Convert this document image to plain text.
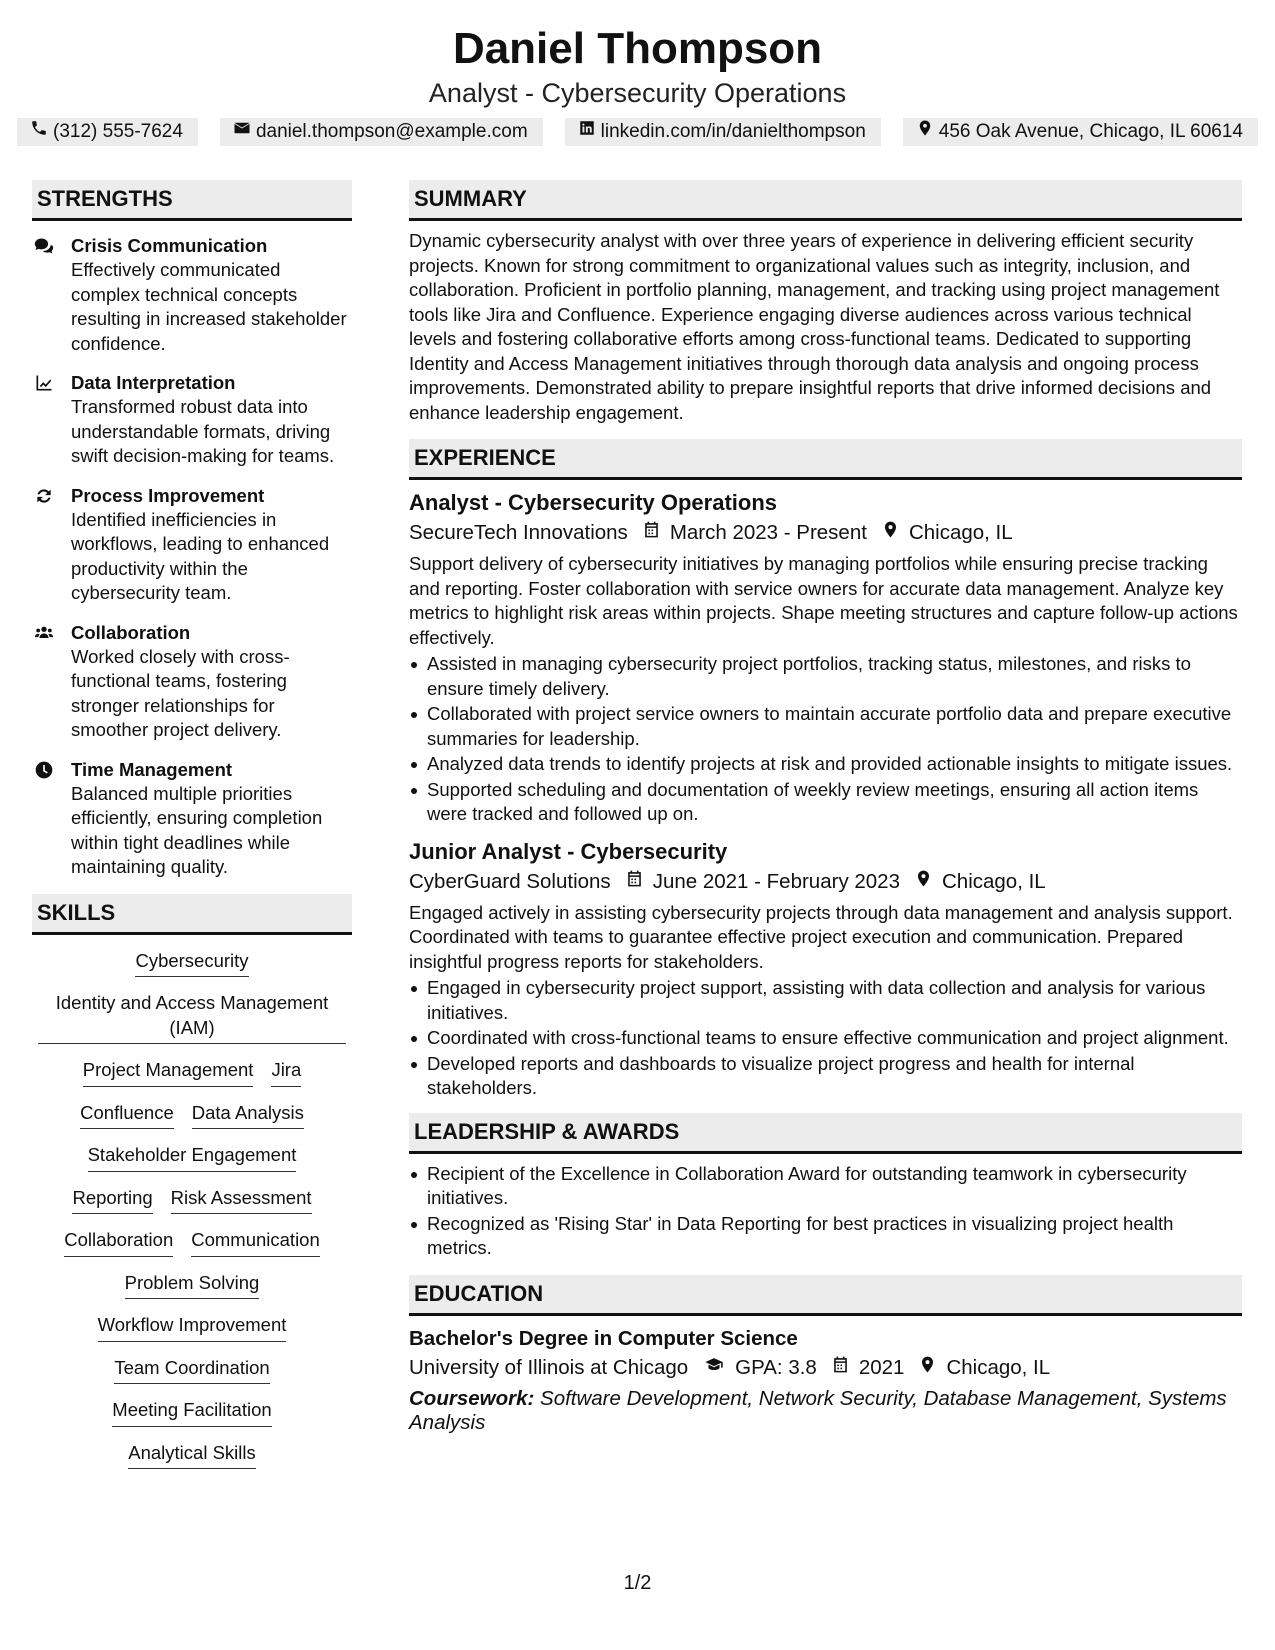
Daniel Thompson
Analyst - Cybersecurity Operations
(312) 555-7624	daniel.thompson@example.com	linkedin.com/in/danielthompson	456 Oak Avenue, Chicago, IL 60614
STRENGTHS
Crisis Communication
Effectively communicated complex technical concepts resulting in increased stakeholder confidence.
Data Interpretation
Transformed robust data into understandable formats, driving swift decision-making for teams.
Process Improvement
Identified inefficiencies in workflows, leading to enhanced productivity within the cybersecurity team.
Collaboration
Worked closely with cross-functional teams, fostering stronger relationships for smoother project delivery.
Time Management
Balanced multiple priorities efficiently, ensuring completion within tight deadlines while maintaining quality.
SKILLS
Cybersecurity
Identity and Access Management (IAM)
Project Management Jira
Confluence Data Analysis
Stakeholder Engagement
Reporting Risk Assessment
Collaboration Communication
Problem Solving
Workflow Improvement
Team Coordination
Meeting Facilitation
Analytical Skills
SUMMARY
Dynamic cybersecurity analyst with over three years of experience in delivering efficient security projects. Known for strong commitment to organizational values such as integrity, inclusion, and collaboration. Proficient in portfolio planning, management, and tracking using project management tools like Jira and Confluence. Experience engaging diverse audiences across various technical levels and fostering collaborative efforts among cross-functional teams. Dedicated to supporting Identity and Access Management initiatives through thorough data analysis and ongoing process improvements. Demonstrated ability to prepare insightful reports that drive informed decisions and enhance leadership engagement.
EXPERIENCE
Analyst - Cybersecurity Operations
SecureTech Innovations March 2023 - Present Chicago, IL
Support delivery of cybersecurity initiatives by managing portfolios while ensuring precise tracking and reporting. Foster collaboration with service owners for accurate data management. Analyze key metrics to highlight risk areas within projects. Shape meeting structures and capture follow-up actions effectively.
Assisted in managing cybersecurity project portfolios, tracking status, milestones, and risks to ensure timely delivery.
Collaborated with project service owners to maintain accurate portfolio data and prepare executive summaries for leadership.
Analyzed data trends to identify projects at risk and provided actionable insights to mitigate issues.
Supported scheduling and documentation of weekly review meetings, ensuring all action items were tracked and followed up on.
Junior Analyst - Cybersecurity
CyberGuard Solutions June 2021 - February 2023 Chicago, IL
Engaged actively in assisting cybersecurity projects through data management and analysis support. Coordinated with teams to guarantee effective project execution and communication. Prepared insightful progress reports for stakeholders.
Engaged in cybersecurity project support, assisting with data collection and analysis for various initiatives.
Coordinated with cross-functional teams to ensure effective communication and project alignment.
Developed reports and dashboards to visualize project progress and health for internal stakeholders.
LEADERSHIP & AWARDS
Recipient of the Excellence in Collaboration Award for outstanding teamwork in cybersecurity initiatives.
Recognized as 'Rising Star' in Data Reporting for best practices in visualizing project health metrics.
EDUCATION
Bachelor's Degree in Computer Science
University of Illinois at Chicago GPA: 3.8 2021 Chicago, IL
Coursework: Software Development, Network Security, Database Management, Systems Analysis
1/2
